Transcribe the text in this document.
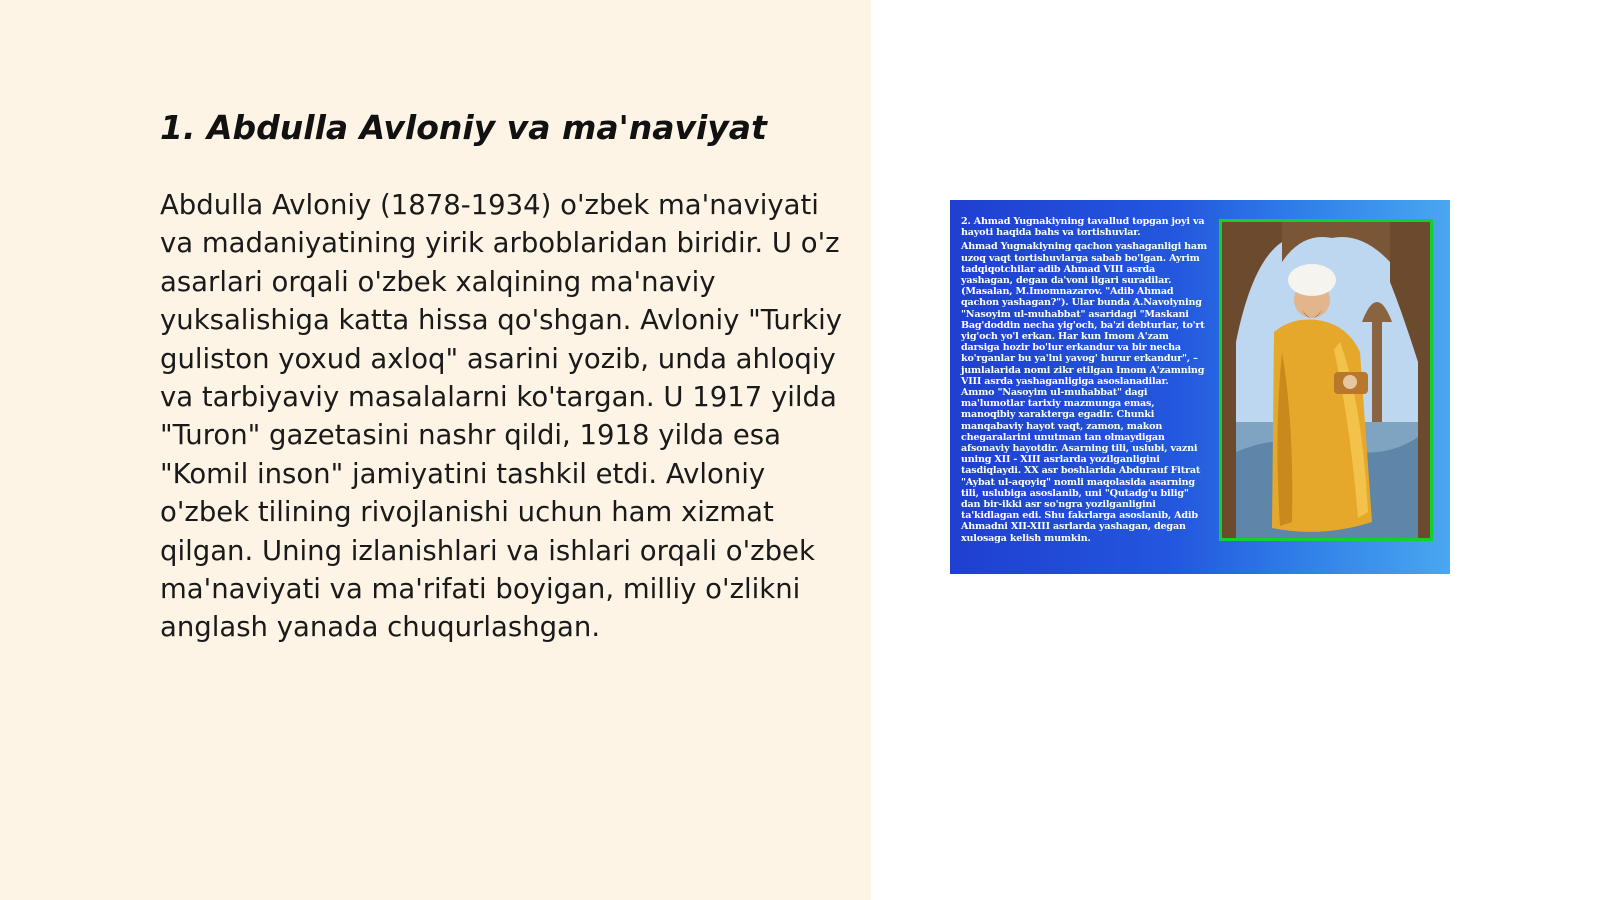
1. Abdulla Avloniy va ma'naviyat

Abdulla Avloniy (1878-1934) o'zbek ma'naviyati va madaniyatining yirik arboblaridan biridir. U o'z asarlari orqali o'zbek xalqining ma'naviy yuksalishiga katta hissa qo'shgan. Avloniy "Turkiy guliston yoxud axloq" asarini yozib, unda ahloqiy va tarbiyaviy masalalarni ko'targan. U 1917 yilda "Turon" gazetasini nashr qildi, 1918 yilda esa "Komil inson" jamiyatini tashkil etdi. Avloniy o'zbek tilining rivojlanishi uchun ham xizmat qilgan. Uning izlanishlari va ishlari orqali o'zbek ma'naviyati va ma'rifati boyigan, milliy o'zlikni anglash yanada chuqurlashgan.

2. Ahmad Yugnakiyning tavallud topgan joyi va hayoti haqida bahs va tortishuvlar.

Ahmad Yugnakiyning qachon yashaganligi ham uzoq vaqt tortishuvlarga sabab bo'lgan. Ayrim tadqiqotchilar adib Ahmad VIII asrda yashagan, degan da'voni ilgari suradilar. (Masalan, M.Imomnazarov. "Adib Ahmad qachon yashagan?"). Ular bunda A.Navoiyning "Nasoyim ul-muhabbat" asaridagi "Maskani Bag'doddin necha yig'och, ba'zi debturlar, to'rt yig'och yo'l erkan. Har kun Imom A'zam darsiga hozir bo'lur erkandur va bir necha ko'rganlar bu ya'lni yavog' hurur erkandur", – jumlalarida nomi zikr etilgan Imom A'zamning VIII asrda yashaganligiga asoslanadilar.

Ammo "Nasoyim ul-muhabbat" dagi ma'lumotlar tarixiy mazmunga emas, manoqibiy xarakterga egadir. Chunki manqabaviy hayot vaqt, zamon, makon chegaralarini unutman tan olmaydigan afsonaviy hayotdir. Asarning tili, uslubi, vazni uning XII - XIII asrlarda yozilganligini tasdiqlaydi. XX asr boshlarida Abdurauf Fitrat "Aybat ul-aqoyiq" nomli maqolasida asarning tili, uslubiga asoslanib, uni "Qutadg'u bilig" dan bir-ikki asr so'ngra yozilganligini ta'kidlagan edi. Shu fakrlarga asoslanib, Adib Ahmadni XII-XIII asrlarda yashagan, degan xulosaga kelish mumkin.
